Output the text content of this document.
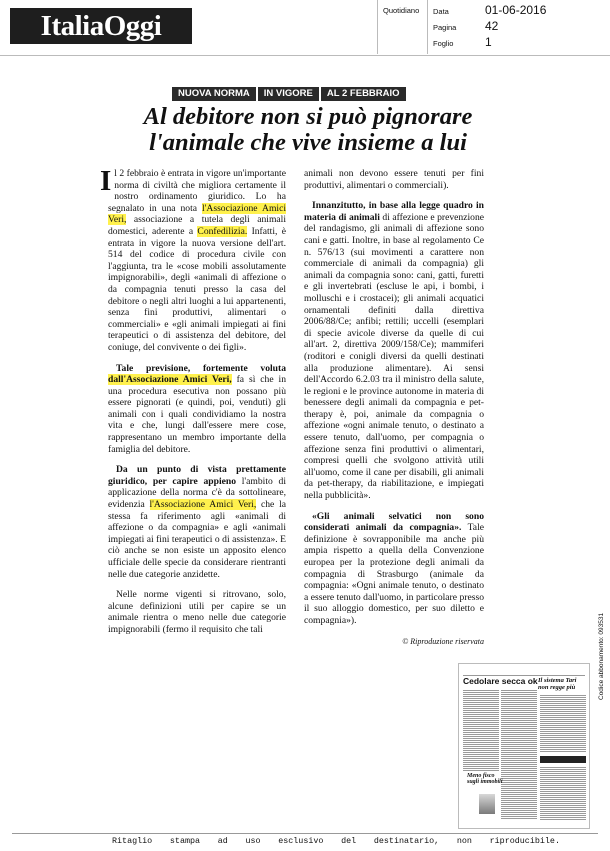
ItaliaOggi	Quotidiano	Data	01-06-2016
Pagina 42
Foglio	1
NUOVA NORMA	IN VIGORE	AL 2 FEBBRAIO
Al debitore non si può pignorare
l'animale che vive insieme a lui

Il 2 febbraio è entrata in vigore un'importante norma di civiltà che migliora certamente il nostro ordinamento giuridico. Lo ha segnalato in una nota l'Associazione Amici Veri, associazione a tutela degli animali domestici, aderente a Confedilizia. Infatti, è entrata in vigore la nuova versione dell'art. 514 del codice di procedura civile con l'aggiunta, tra le «cose mobili assolutamente impignorabili», degli «animali di affezione o da compagnia tenuti presso la casa del debitore o negli altri luoghi a lui appartenenti, senza fini produttivi, alimentari o commerciali» e «gli animali impiegati ai fini terapeutici o di assistenza del debitore, del coniuge, del convivente o dei figli».

Tale previsione, fortemente voluta dall'Associazione Amici Veri, fa sì che in una procedura esecutiva non possano più essere pignorati (e quindi, poi, venduti) gli animali con i quali condividiamo la nostra vita e che, lungi dall'essere mere cose, rappresentano un membro importante della famiglia del debitore.

Da un punto di vista prettamente giuridico, per capire appieno l'ambito di applicazione della norma c'è da sottolineare, evidenzia l'Associazione Amici Veri, che la stessa fa riferimento agli «animali di affezione o da compagnia» e agli «animali impiegati ai fini terapeutici o di assistenza». E ciò anche se non esiste un apposito elenco ufficiale delle specie da considerare rientranti nelle due categorie anzidette.

Nelle norme vigenti si ritrovano, solo, alcune definizioni utili per capire se un animale rientra o meno nelle due categorie impignorabili (fermo il requisito che tali

animali non devono essere tenuti per fini produttivi, alimentari o commerciali).

Innanzitutto, in base alla legge quadro in materia di animali di affezione e prevenzione del randagismo, gli animali di affezione sono cani e gatti. Inoltre, in base al regolamento Ce n. 576/13 (sui movimenti a carattere non commerciale di animali da compagnia) gli animali da compagnia sono: cani, gatti, furetti e gli invertebrati (escluse le api, i bombi, i molluschi e i crostacei); gli animali acquatici ornamentali definiti dalla direttiva 2006/88/Ce; anfibi; rettili; uccelli (esemplari di specie avicole diverse da quelle di cui all'art. 2, direttiva 2009/158/Ce); mammiferi (roditori e conigli diversi da quelli destinati alla produzione alimentare). Ai sensi dell'Accordo 6.2.03 tra il ministro della salute, le regioni e le province autonome in materia di benessere degli animali da compagnia e pet-therapy è, poi, animale da compagnia o affezione «ogni animale tenuto, o destinato a essere tenuto, dall'uomo, per compagnia o affezione senza fini produttivi o alimentari, compresi quelli che svolgono attività utili all'uomo, come il cane per disabili, gli animali da pet-therapy, da riabilitazione, e impiegati nella pubblicità».

«Gli animali selvatici non sono considerati animali da compagnia». Tale definizione è sovrapponibile ma anche più ampia rispetto a quella della Convenzione europea per la protezione degli animali da compagnia di Strasburgo (animale da compagnia: «Ogni animale tenuto, o destinato a essere tenuto dall'uomo, in particolare presso il suo alloggio domestico, per suo diletto e compagnia»).

© Riproduzione riservata
Cedolare secca ok Il sistema Tari non regge più
Meno fisco sugli immobili
Codice abbonamento: 093531
Ritaglio stampa ad uso esclusivo del destinatario, non riproducibile.
